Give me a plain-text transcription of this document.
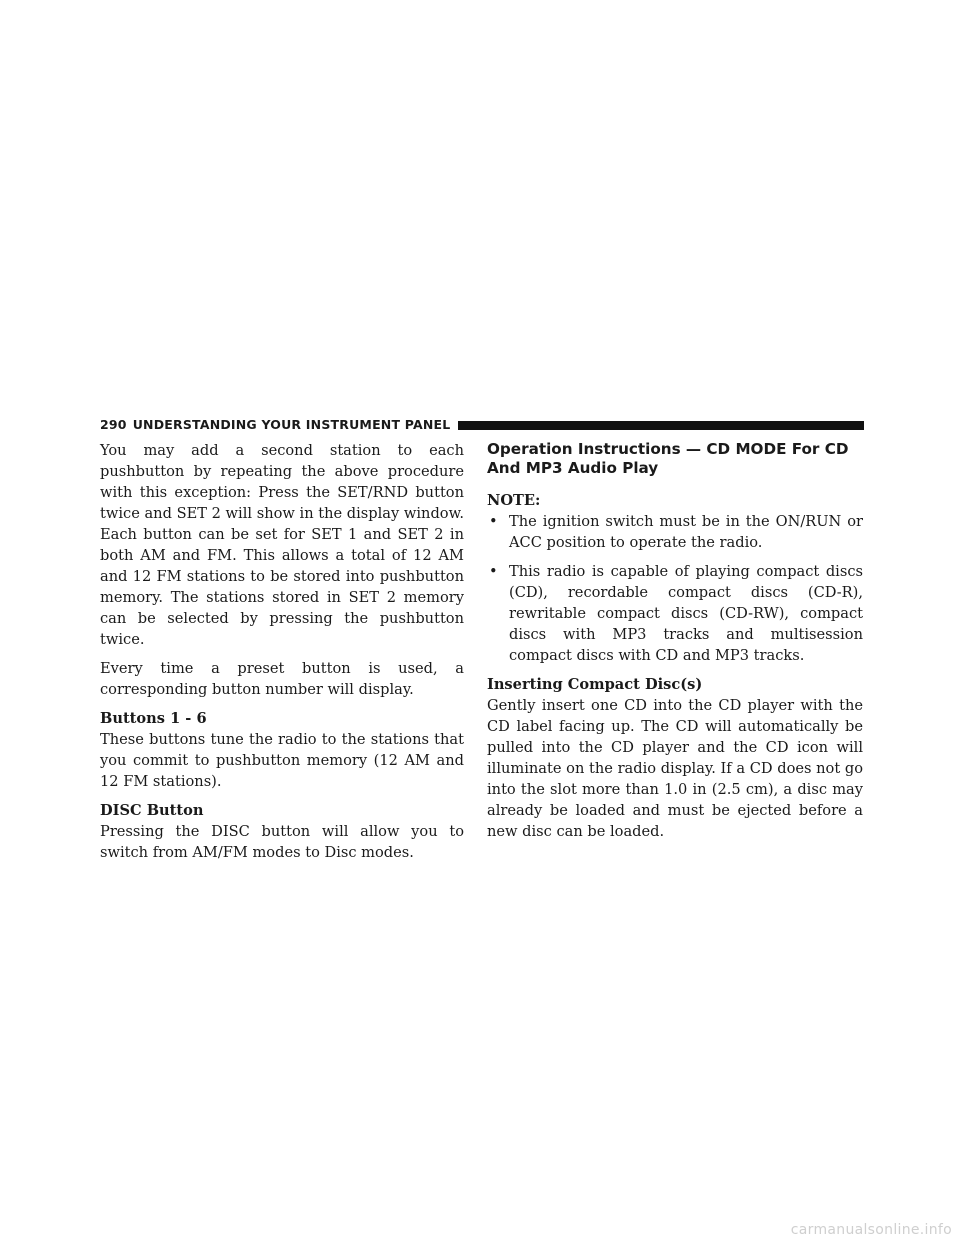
290 UNDERSTANDING YOUR INSTRUMENT PANEL

You may add a second station to each pushbutton by repeating the above procedure with this exception: Press the SET/RND button twice and SET 2 will show in the display window. Each button can be set for SET 1 and SET 2 in both AM and FM. This allows a total of 12 AM and 12 FM stations to be stored into pushbutton memory. The stations stored in SET 2 memory can be selected by pressing the pushbutton twice.

Every time a preset button is used, a corresponding button number will display.

Buttons 1 - 6

These buttons tune the radio to the stations that you commit to pushbutton memory (12 AM and 12 FM stations).

DISC Button

Pressing the DISC button will allow you to switch from AM/FM modes to Disc modes.

Operation Instructions — CD MODE For CD And MP3 Audio Play
NOTE:
• The ignition switch must be in the ON/RUN or ACC position to operate the radio.
• This radio is capable of playing compact discs (CD), recordable compact discs (CD-R), rewritable compact discs (CD-RW), compact discs with MP3 tracks and multisession compact discs with CD and MP3 tracks.
Inserting Compact Disc(s)

Gently insert one CD into the CD player with the CD label facing up. The CD will automatically be pulled into the CD player and the CD icon will illuminate on the radio display. If a CD does not go into the slot more than 1.0 in (2.5 cm), a disc may already be loaded and must be ejected before a new disc can be loaded.

carmanualsonline.info
